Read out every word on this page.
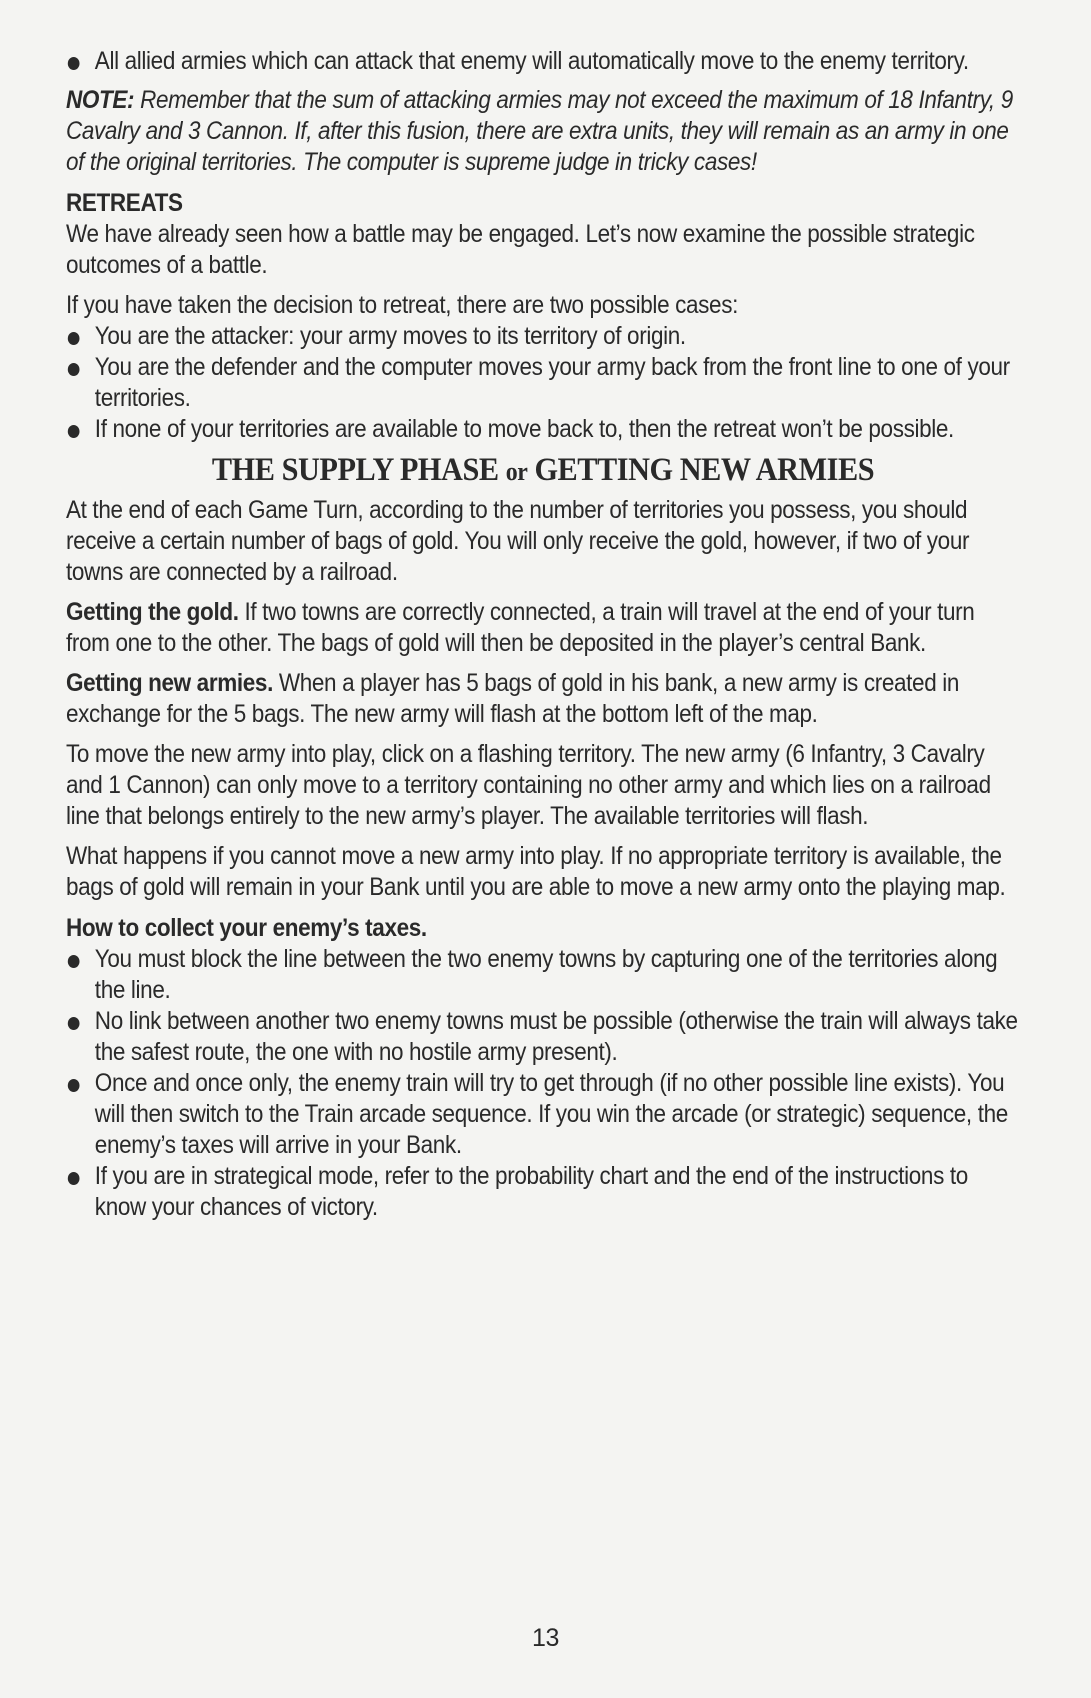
All allied armies which can attack that enemy will automatically move to the enemy territory.

NOTE: Remember that the sum of attacking armies may not exceed the maximum of 18 Infantry, 9 Cavalry and 3 Cannon. If, after this fusion, there are extra units, they will remain as an army in one of the original territories. The computer is supreme judge in tricky cases!

RETREATS

We have already seen how a battle may be engaged. Let’s now examine the possible strategic outcomes of a battle.

If you have taken the decision to retreat, there are two possible cases:

You are the attacker: your army moves to its territory of origin.
You are the defender and the computer moves your army back from the front line to one of your territories.
If none of your territories are available to move back to, then the retreat won’t be possible.
THE SUPPLY PHASE or GETTING NEW ARMIES

At the end of each Game Turn, according to the number of territories you possess, you should receive a certain number of bags of gold. You will only receive the gold, however, if two of your towns are connected by a railroad.

Getting the gold. If two towns are correctly connected, a train will travel at the end of your turn from one to the other. The bags of gold will then be deposited in the player’s central Bank.

Getting new armies. When a player has 5 bags of gold in his bank, a new army is created in exchange for the 5 bags. The new army will flash at the bottom left of the map.

To move the new army into play, click on a flashing territory. The new army (6 Infantry, 3 Cavalry and 1 Cannon) can only move to a territory containing no other army and which lies on a railroad line that belongs entirely to the new army’s player. The available territories will flash.

What happens if you cannot move a new army into play. If no appropriate territory is available, the bags of gold will remain in your Bank until you are able to move a new army onto the playing map.

How to collect your enemy’s taxes.

You must block the line between the two enemy towns by capturing one of the territories along the line.
No link between another two enemy towns must be possible (otherwise the train will always take the safest route, the one with no hostile army present).
Once and once only, the enemy train will try to get through (if no other possible line exists). You will then switch to the Train arcade sequence. If you win the arcade (or strategic) sequence, the enemy’s taxes will arrive in your Bank.
If you are in strategical mode, refer to the probability chart and the end of the instructions to know your chances of victory.
13
